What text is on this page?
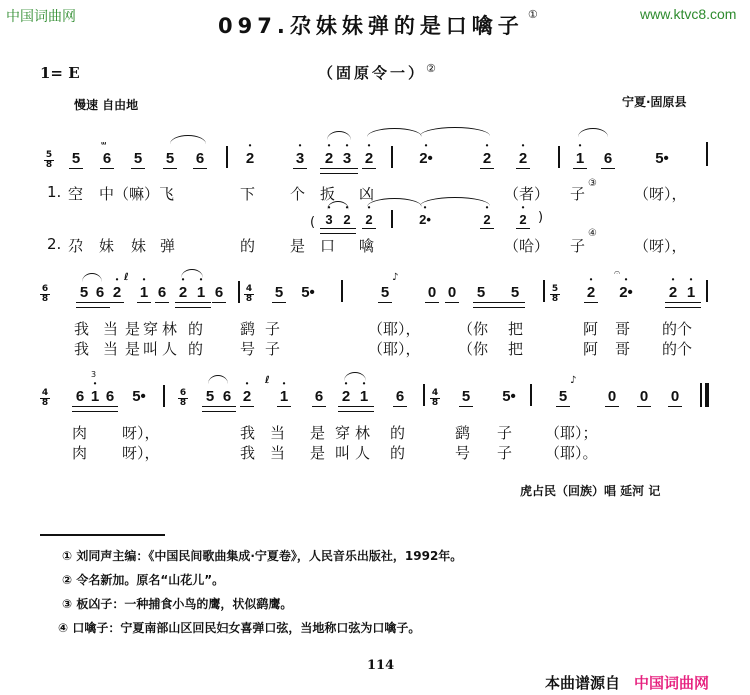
中国词曲网	www.ktvc8.com
097.尕妹妹弹的是口噙子 ①
1= E	（固原令一）②
慢速 自由地	宁夏·固原县
5
8 5 6
ᵚ
5 5 6	• 2	• 3 • 2 • 3 • 2	• 2•	• 2 • 2	• 1 6	5•
1. 空 中（嘛）飞	下 个 扳 凶	（者） 子
③
（呀），
( • 3 • 2 • 2	• 2•	• 2 • 2 )
2. 尕 妹 妹 弹	的 是 口 噙	（哈） 子
④
（呀），
6
8 5 6 • 2
ℓ
• 1 6 • 2 • 1 6	4
8 5	5•	5
♪
0 0 5 5	5
8 • 2 • 2•
𝄐
• 2 • 1
我 当 是 穿 林 的 鹞 子	（耶）， （你 把	阿 哥 的个
我 当 是 叫 人 的 号 子	（耶）， （你 把	阿 哥 的个
4
8 6 • 1 6
3
5•	6
8 5 6 • 2
ℓ
• 1 6 • 2 • 1 6	4
8 5	5•	5
♪
0 0 0
肉 呀），	我 当 是 穿 林 的	鹞 子 （耶）；
肉 呀），	我 当 是 叫 人 的	号 子 （耶）。
虎占民（回族）唱 延河 记
① 刘同声主编：《中国民间歌曲集成·宁夏卷》，人民音乐出版社，1992年。
② 令名新加。原名“山花儿”。
③ 板凶子：一种捕食小鸟的鹰，状似鹞鹰。
④ 口噙子：宁夏南部山区回民妇女喜弹口弦，当地称口弦为口噙子。
114
本曲谱源自 中国词曲网
